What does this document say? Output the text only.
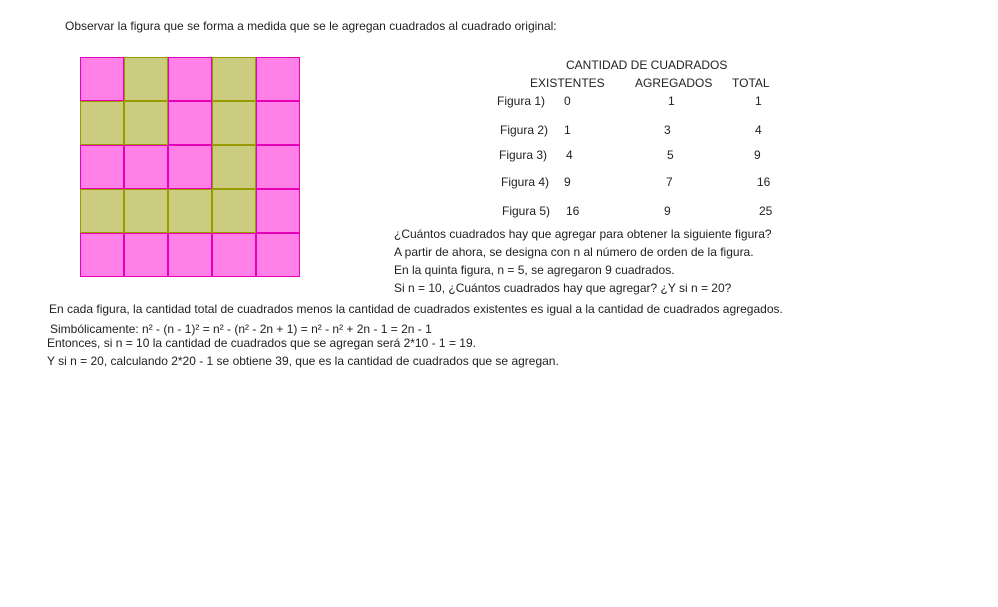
Observar la figura que se forma a medida que se le agregan cuadrados al cuadrado original:
CANTIDAD DE CUADRADOS
EXISTENTES	AGREGADOS TOTAL
Figura 1) 0	1	1
Figura 2) 1	3	4
Figura 3) 4	5	9
Figura 4) 9	7	16
Figura 5) 16	9	25
¿Cuántos cuadrados hay que agregar para obtener la siguiente figura?
A partir de ahora, se designa con n al número de orden de la figura.
En la quinta figura, n = 5, se agregaron 9 cuadrados.
Si n = 10, ¿Cuántos cuadrados hay que agregar? ¿Y si n = 20?
En cada figura, la cantidad total de cuadrados menos la cantidad de cuadrados existentes es igual a la cantidad de cuadrados agregados.
Simbólicamente: n² - (n - 1)² = n² - (n² - 2n + 1) = n² - n² + 2n - 1 = 2n - 1
Entonces, si n = 10 la cantidad de cuadrados que se agregan será 2*10 - 1 = 19.
Y si n = 20, calculando 2*20 - 1 se obtiene 39, que es la cantidad de cuadrados que se agregan.
